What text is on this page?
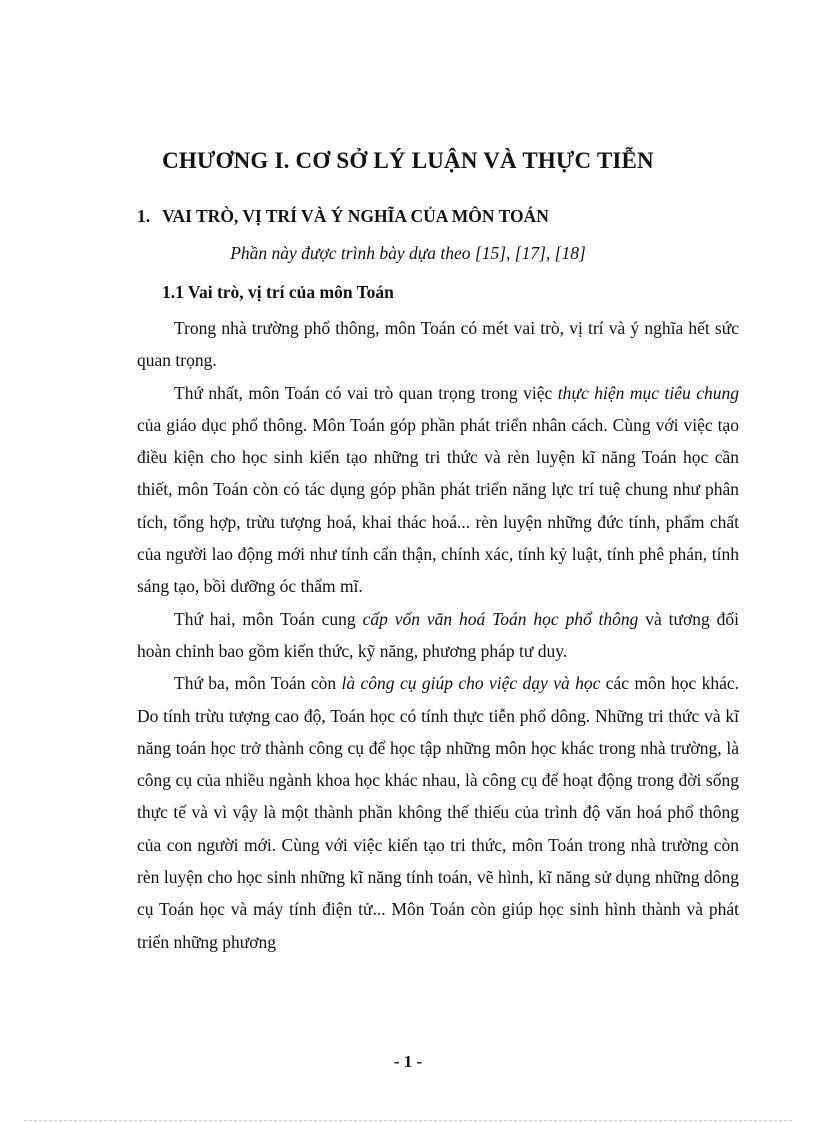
CHƯƠNG I. CƠ SỞ LÝ LUẬN VÀ THỰC TIỄN
1. VAI TRÒ, VỊ TRÍ VÀ Ý NGHĨA CỦA MÔN TOÁN
Phần này được trình bày dựa theo [15], [17], [18]
1.1 Vai trò, vị trí của môn Toán

Trong nhà trường phổ thông, môn Toán có mét vai trò, vị trí và ý nghĩa hết sức quan trọng.

Thứ nhất, môn Toán có vai trò quan trọng trong việc thực hiện mục tiêu chung của giáo dục phổ thông. Môn Toán góp phần phát triển nhân cách. Cùng với việc tạo điều kiện cho học sinh kiến tạo những tri thức và rèn luyện kĩ năng Toán học cần thiết, môn Toán còn có tác dụng góp phần phát triển năng lực trí tuệ chung như phân tích, tổng hợp, trừu tượng hoá, khai thác hoá... rèn luyện những đức tính, phẩm chất của người lao động mới như tính cẩn thận, chính xác, tính kỷ luật, tính phê phán, tính sáng tạo, bồi dưỡng óc thẩm mĩ.

Thứ hai, môn Toán cung cấp vốn văn hoá Toán học phổ thông và tương đối hoàn chỉnh bao gồm kiến thức, kỹ năng, phương pháp tư duy.

Thứ ba, môn Toán còn là công cụ giúp cho việc dạy và học các môn học khác. Do tính trừu tượng cao độ, Toán học có tính thực tiễn phổ dông. Những tri thức và kĩ năng toán học trở thành công cụ để học tập những môn học khác trong nhà trường, là công cụ của nhiều ngành khoa học khác nhau, là công cụ để hoạt động trong đời sống thực tế và vì vậy là một thành phần không thể thiếu của trình độ văn hoá phổ thông của con người mới. Cùng với việc kiến tạo tri thức, môn Toán trong nhà trường còn rèn luyện cho học sinh những kĩ năng tính toán, vẽ hình, kĩ năng sử dụng những dông cụ Toán học và máy tính điện tử... Môn Toán còn giúp học sinh hình thành và phát triển những phương

- 1 -
